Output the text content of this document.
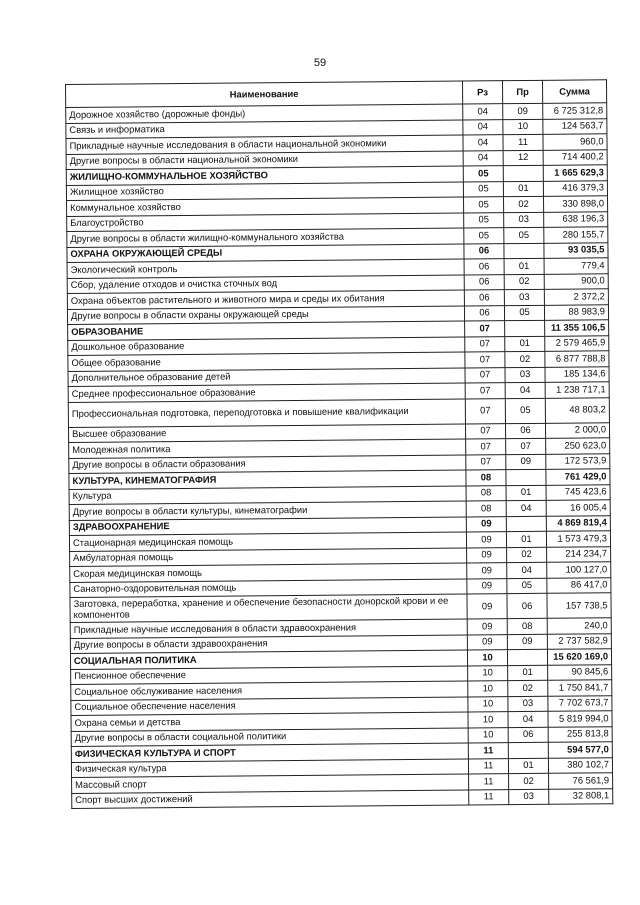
59
Наименование	Рз	Пр	Сумма
Дорожное хозяйство (дорожные фонды)	04	09	6 725 312,8
Связь и информатика	04	10	124 563,7
Прикладные научные исследования в области национальной экономики	04	11	960,0
Другие вопросы в области национальной экономики	04	12	714 400,2
ЖИЛИЩНО-КОММУНАЛЬНОЕ ХОЗЯЙСТВО	05		1 665 629,3
Жилищное хозяйство	05	01	416 379,3
Коммунальное хозяйство	05	02	330 898,0
Благоустройство	05	03	638 196,3
Другие вопросы в области жилищно-коммунального хозяйства	05	05	280 155,7
ОХРАНА ОКРУЖАЮЩЕЙ СРЕДЫ	06		93 035,5
Экологический контроль	06	01	779,4
Сбор, удаление отходов и очистка сточных вод	06	02	900,0
Охрана объектов растительного и животного мира и среды их обитания	06	03	2 372,2
Другие вопросы в области охраны окружающей среды	06	05	88 983,9
ОБРАЗОВАНИЕ	07		11 355 106,5
Дошкольное образование	07	01	2 579 465,9
Общее образование	07	02	6 877 788,8
Дополнительное образование детей	07	03	185 134,6
Среднее профессиональное образование	07	04	1 238 717,1
Профессиональная подготовка, переподготовка и повышение квалификации	07	05	48 803,2
Высшее образование	07	06	2 000,0
Молодежная политика	07	07	250 623,0
Другие вопросы в области образования	07	09	172 573,9
КУЛЬТУРА, КИНЕМАТОГРАФИЯ	08		761 429,0
Культура	08	01	745 423,6
Другие вопросы в области культуры, кинематографии	08	04	16 005,4
ЗДРАВООХРАНЕНИЕ	09		4 869 819,4
Стационарная медицинская помощь	09	01	1 573 479,3
Амбулаторная помощь	09	02	214 234,7
Скорая медицинская помощь	09	04	100 127,0
Санаторно-оздоровительная помощь	09	05	86 417,0
Заготовка, переработка, хранение и обеспечение безопасности донорской крови и ее компонентов	09	06	157 738,5
Прикладные научные исследования в области здравоохранения	09	08	240,0
Другие вопросы в области здравоохранения	09	09	2 737 582,9
СОЦИАЛЬНАЯ ПОЛИТИКА	10		15 620 169,0
Пенсионное обеспечение	10	01	90 845,6
Социальное обслуживание населения	10	02	1 750 841,7
Социальное обеспечение населения	10	03	7 702 673,7
Охрана семьи и детства	10	04	5 819 994,0
Другие вопросы в области социальной политики	10	06	255 813,8
ФИЗИЧЕСКАЯ КУЛЬТУРА И СПОРТ	11		594 577,0
Физическая культура	11	01	380 102,7
Массовый спорт	11	02	76 561,9
Спорт высших достижений	11	03	32 808,1
